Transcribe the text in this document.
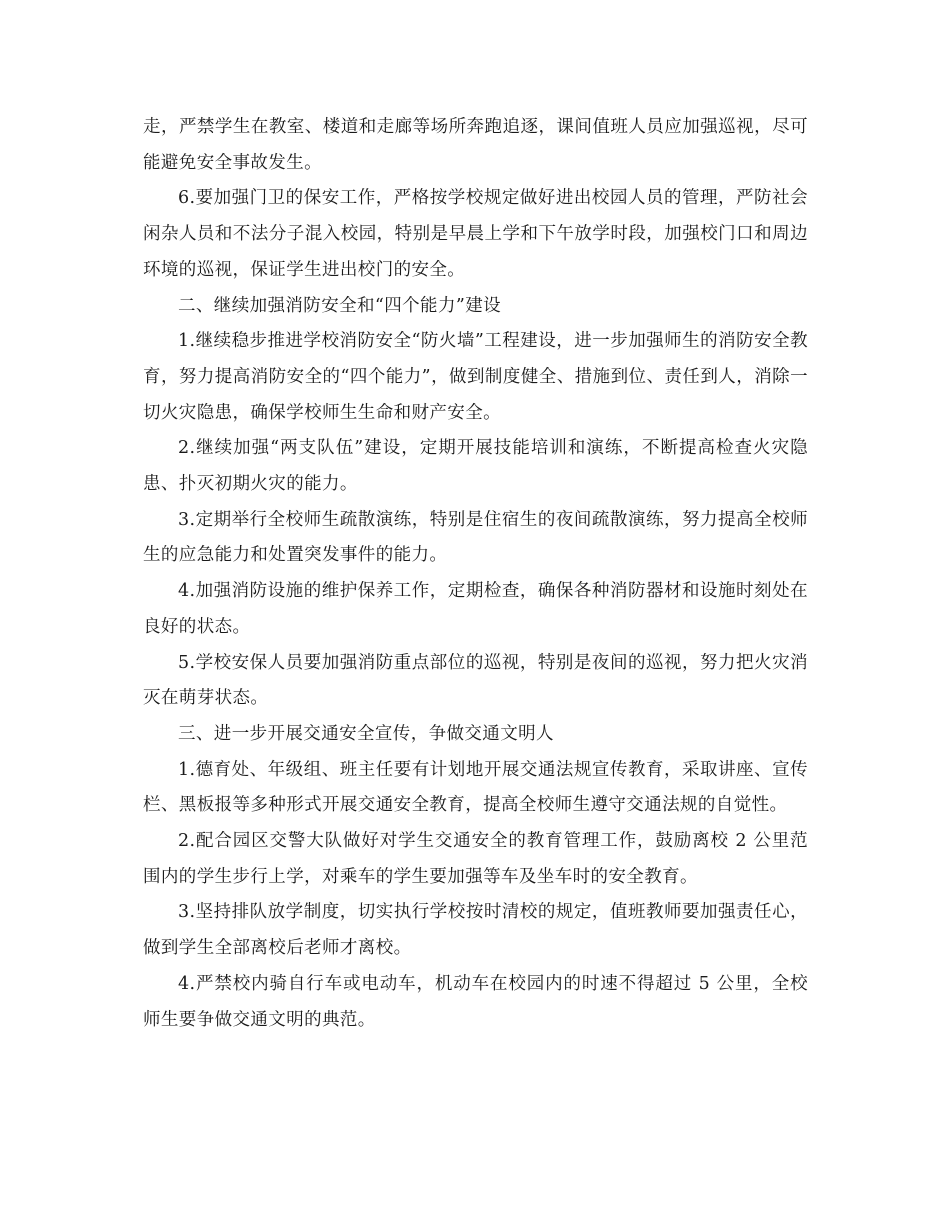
走，严禁学生在教室、楼道和走廊等场所奔跑追逐，课间值班人员应加强巡视，尽可能避免安全事故发生。

6.要加强门卫的保安工作，严格按学校规定做好进出校园人员的管理，严防社会闲杂人员和不法分子混入校园，特别是早晨上学和下午放学时段，加强校门口和周边环境的巡视，保证学生进出校门的安全。

二、继续加强消防安全和“四个能力”建设

1.继续稳步推进学校消防安全“防火墙”工程建设，进一步加强师生的消防安全教育，努力提高消防安全的“四个能力”，做到制度健全、措施到位、责任到人，消除一切火灾隐患，确保学校师生生命和财产安全。

2.继续加强“两支队伍”建设，定期开展技能培训和演练，不断提高检查火灾隐患、扑灭初期火灾的能力。

3.定期举行全校师生疏散演练，特别是住宿生的夜间疏散演练，努力提高全校师生的应急能力和处置突发事件的能力。

4.加强消防设施的维护保养工作，定期检查，确保各种消防器材和设施时刻处在良好的状态。

5.学校安保人员要加强消防重点部位的巡视，特别是夜间的巡视，努力把火灾消灭在萌芽状态。

三、进一步开展交通安全宣传，争做交通文明人

1.德育处、年级组、班主任要有计划地开展交通法规宣传教育，采取讲座、宣传栏、黑板报等多种形式开展交通安全教育，提高全校师生遵守交通法规的自觉性。

2.配合园区交警大队做好对学生交通安全的教育管理工作，鼓励离校 2 公里范围内的学生步行上学，对乘车的学生要加强等车及坐车时的安全教育。

3.坚持排队放学制度，切实执行学校按时清校的规定，值班教师要加强责任心，做到学生全部离校后老师才离校。

4.严禁校内骑自行车或电动车，机动车在校园内的时速不得超过 5 公里，全校师生要争做交通文明的典范。
